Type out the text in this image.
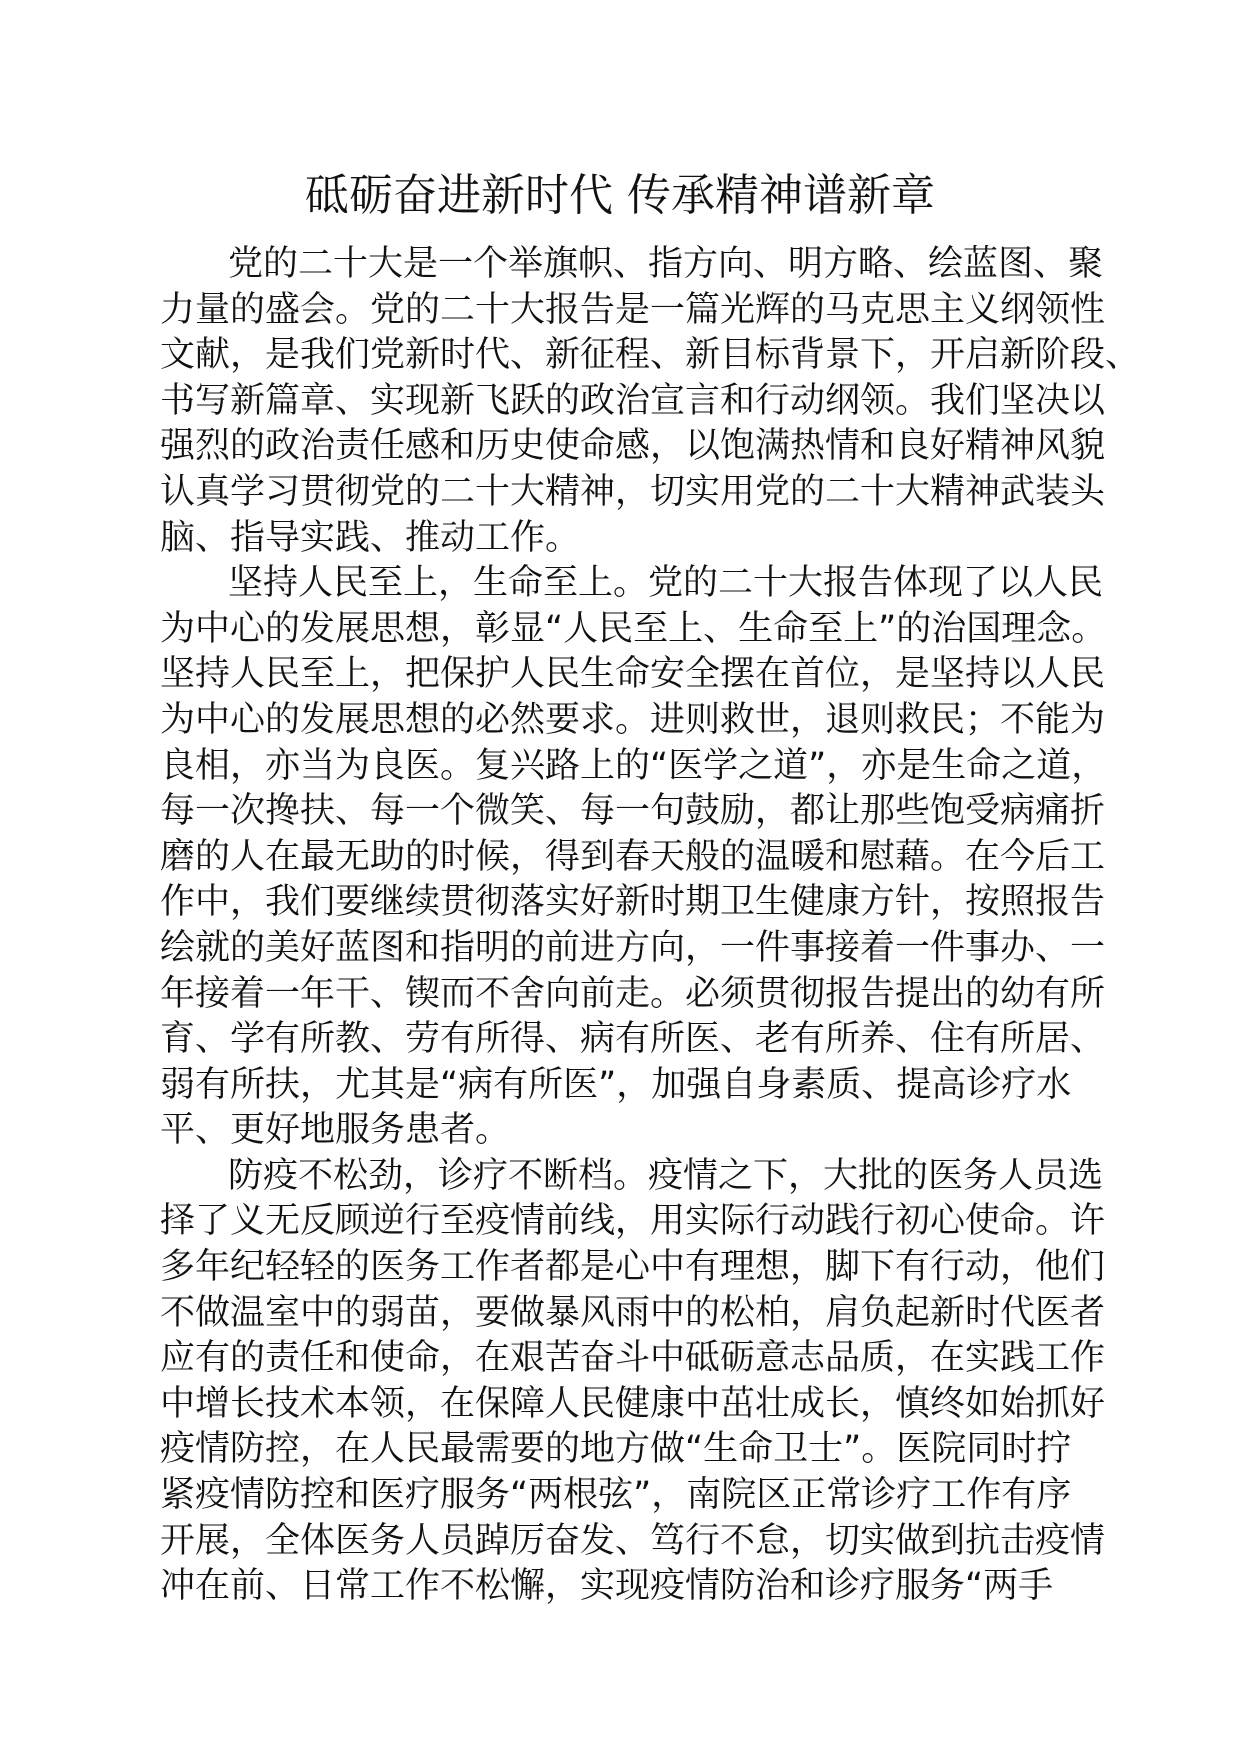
砥砺奋进新时代 传承精神谱新章
党的二十大是一个举旗帜、指方向、明方略、绘蓝图、聚
力量的盛会。党的二十大报告是一篇光辉的马克思主义纲领性
文献，是我们党新时代、新征程、新目标背景下，开启新阶段、
书写新篇章、实现新飞跃的政治宣言和行动纲领。我们坚决以
强烈的政治责任感和历史使命感，以饱满热情和良好精神风貌
认真学习贯彻党的二十大精神，切实用党的二十大精神武装头
脑、指导实践、推动工作。
坚持人民至上，生命至上。党的二十大报告体现了以人民
为中心的发展思想，彰显“人民至上、生命至上”的治国理念。
坚持人民至上，把保护人民生命安全摆在首位，是坚持以人民
为中心的发展思想的必然要求。进则救世，退则救民；不能为
良相，亦当为良医。复兴路上的“医学之道”，亦是生命之道，
每一次搀扶、每一个微笑、每一句鼓励，都让那些饱受病痛折
磨的人在最无助的时候，得到春天般的温暖和慰藉。在今后工
作中，我们要继续贯彻落实好新时期卫生健康方针，按照报告
绘就的美好蓝图和指明的前进方向，一件事接着一件事办、一
年接着一年干、锲而不舍向前走。必须贯彻报告提出的幼有所
育、学有所教、劳有所得、病有所医、老有所养、住有所居、
弱有所扶，尤其是“病有所医”，加强自身素质、提高诊疗水
平、更好地服务患者。
防疫不松劲，诊疗不断档。疫情之下，大批的医务人员选
择了义无反顾逆行至疫情前线，用实际行动践行初心使命。许
多年纪轻轻的医务工作者都是心中有理想，脚下有行动，他们
不做温室中的弱苗，要做暴风雨中的松柏，肩负起新时代医者
应有的责任和使命，在艰苦奋斗中砥砺意志品质，在实践工作
中增长技术本领，在保障人民健康中茁壮成长，慎终如始抓好
疫情防控，在人民最需要的地方做“生命卫士”。医院同时拧
紧疫情防控和医疗服务“两根弦”，南院区正常诊疗工作有序
开展，全体医务人员踔厉奋发、笃行不怠，切实做到抗击疫情
冲在前、日常工作不松懈，实现疫情防治和诊疗服务“两手
